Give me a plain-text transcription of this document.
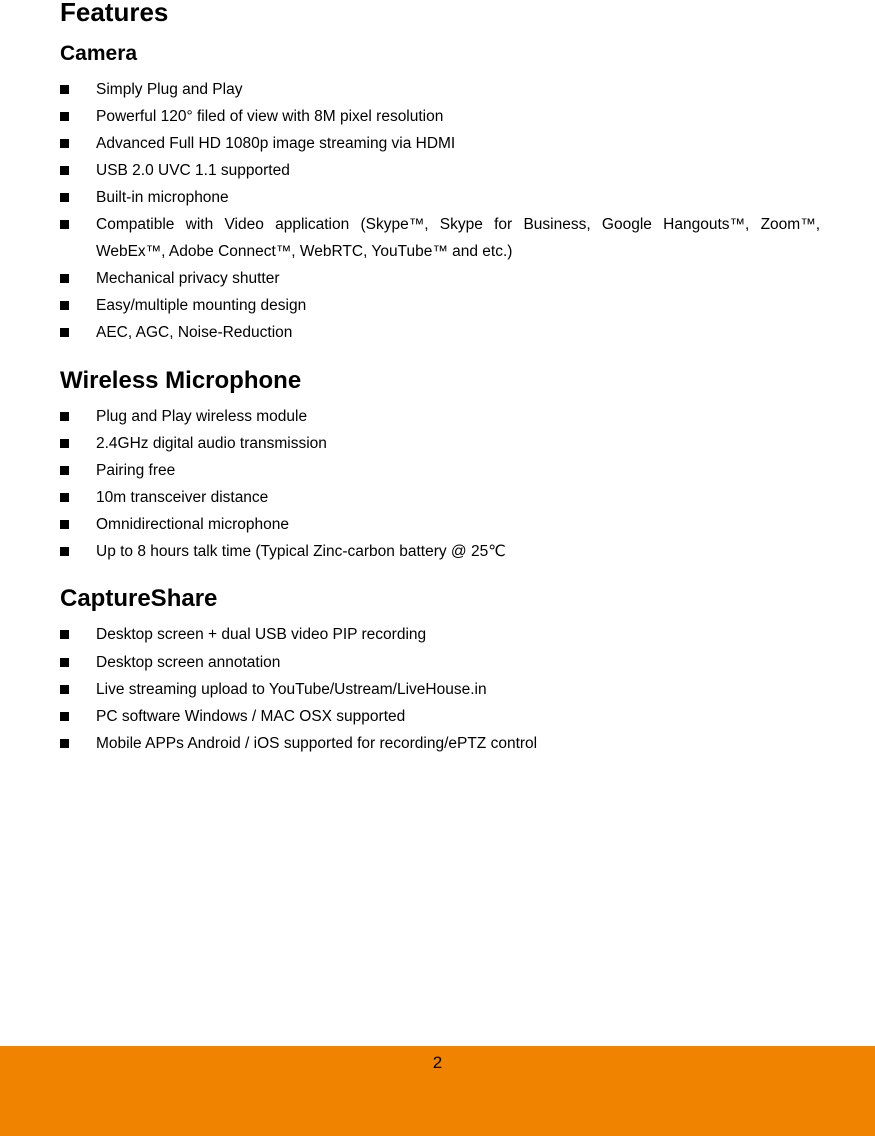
Features
Camera
Simply Plug and Play
Powerful 120° filed of view with 8M pixel resolution
Advanced Full HD 1080p image streaming via HDMI
USB 2.0 UVC 1.1 supported
Built-in microphone
Compatible with Video application (Skype™, Skype for Business, Google Hangouts™, Zoom™, WebEx™, Adobe Connect™, WebRTC, YouTube™ and etc.)
Mechanical privacy shutter
Easy/multiple mounting design
AEC, AGC, Noise-Reduction
Wireless Microphone
Plug and Play wireless module
2.4GHz digital audio transmission
Pairing free
10m transceiver distance
Omnidirectional microphone
Up to 8 hours talk time (Typical Zinc-carbon battery @ 25℃
CaptureShare
Desktop screen + dual USB video PIP recording
Desktop screen annotation
Live streaming upload to YouTube/Ustream/LiveHouse.in
PC software Windows / MAC OSX supported
Mobile APPs Android / iOS supported for recording/ePTZ control
2
